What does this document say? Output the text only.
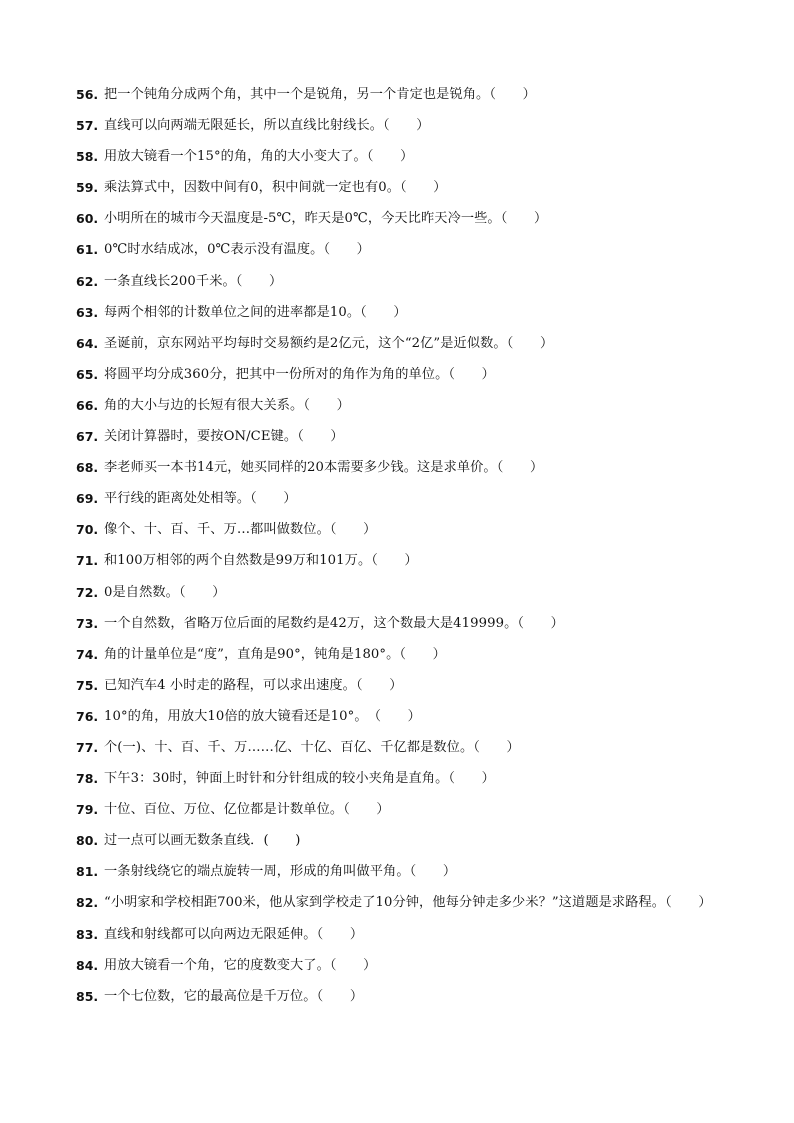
56. 把一个钝角分成两个角，其中一个是锐角，另一个肯定也是锐角。（　　）
57. 直线可以向两端无限延长，所以直线比射线长。（　　）
58. 用放大镜看一个15°的角，角的大小变大了。（　　）
59. 乘法算式中，因数中间有0，积中间就一定也有0。（　　）
60. 小明所在的城市今天温度是-5℃，昨天是0℃，今天比昨天冷一些。（　　）
61. 0℃时水结成冰，0℃表示没有温度。（　　）
62. 一条直线长200千米。（　　）
63. 每两个相邻的计数单位之间的进率都是10。（　　）
64. 圣诞前，京东网站平均每时交易额约是2亿元，这个“2亿”是近似数。（　　）
65. 将圆平均分成360分，把其中一份所对的角作为角的单位。（　　）
66. 角的大小与边的长短有很大关系。（　　）
67. 关闭计算器时，要按ON/CE键。（　　）
68. 李老师买一本书14元，她买同样的20本需要多少钱。这是求单价。（　　）
69. 平行线的距离处处相等。（　　）
70. 像个、十、百、千、万…都叫做数位。（　　）
71. 和100万相邻的两个自然数是99万和101万。（　　）
72. 0是自然数。（　　）
73. 一个自然数，省略万位后面的尾数约是42万，这个数最大是419999。（　　）
74. 角的计量单位是“度”，直角是90°，钝角是180°。（　　）
75. 已知汽车4 小时走的路程，可以求出速度。（　　）
76. 10°的角，用放大10倍的放大镜看还是10°。　（　　）
77. 个(一)、十、百、千、万……亿、十亿、百亿、千亿都是数位。（　　）
78. 下午3：30时，钟面上时针和分针组成的较小夹角是直角。（　　）
79. 十位、百位、万位、亿位都是计数单位。（　　）
80. 过一点可以画无数条直线．(　　)
81. 一条射线绕它的端点旋转一周，形成的角叫做平角。（　　）
82. “小明家和学校相距700米，他从家到学校走了10分钟，他每分钟走多少米？”这道题是求路程。（　　）
83. 直线和射线都可以向两边无限延伸。（　　）
84. 用放大镜看一个角，它的度数变大了。（　　）
85. 一个七位数，它的最高位是千万位。（　　）
